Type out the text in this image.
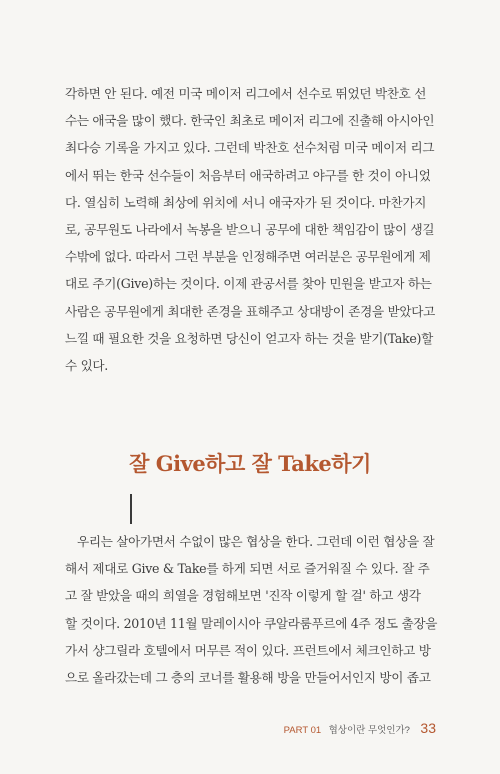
각하면 안 된다. 예전 미국 메이저 리그에서 선수로 뛰었던 박찬호 선
수는 애국을 많이 했다. 한국인 최초로 메이저 리그에 진출해 아시아인
최다승 기록을 가지고 있다. 그런데 박찬호 선수처럼 미국 메이저 리그
에서 뛰는 한국 선수들이 처음부터 애국하려고 야구를 한 것이 아니었
다. 열심히 노력해 최상에 위치에 서니 애국자가 된 것이다. 마찬가지
로, 공무원도 나라에서 녹봉을 받으니 공무에 대한 책임감이 많이 생길
수밖에 없다. 따라서 그런 부분을 인정해주면 여러분은 공무원에게 제
대로 주기(Give)하는 것이다. 이제 관공서를 찾아 민원을 받고자 하는
사람은 공무원에게 최대한 존경을 표해주고 상대방이 존경을 받았다고
느낄 때 필요한 것을 요청하면 당신이 얻고자 하는 것을 받기(Take)할
수 있다.
잘 Give하고 잘 Take하기
우리는 살아가면서 수없이 많은 협상을 한다. 그런데 이런 협상을 잘
해서 제대로 Give & Take를 하게 되면 서로 즐거워질 수 있다. 잘 주
고 잘 받았을 때의 희열을 경험해보면 '진작 이렇게 할 걸' 하고 생각
할 것이다. 2010년 11월 말레이시아 쿠알라룸푸르에 4주 정도 출장을
가서 샹그릴라 호텔에서 머무른 적이 있다. 프런트에서 체크인하고 방
으로 올라갔는데 그 층의 코너를 활용해 방을 만들어서인지 방이 좁고
PART 01 협상이란 무엇인가? 33
